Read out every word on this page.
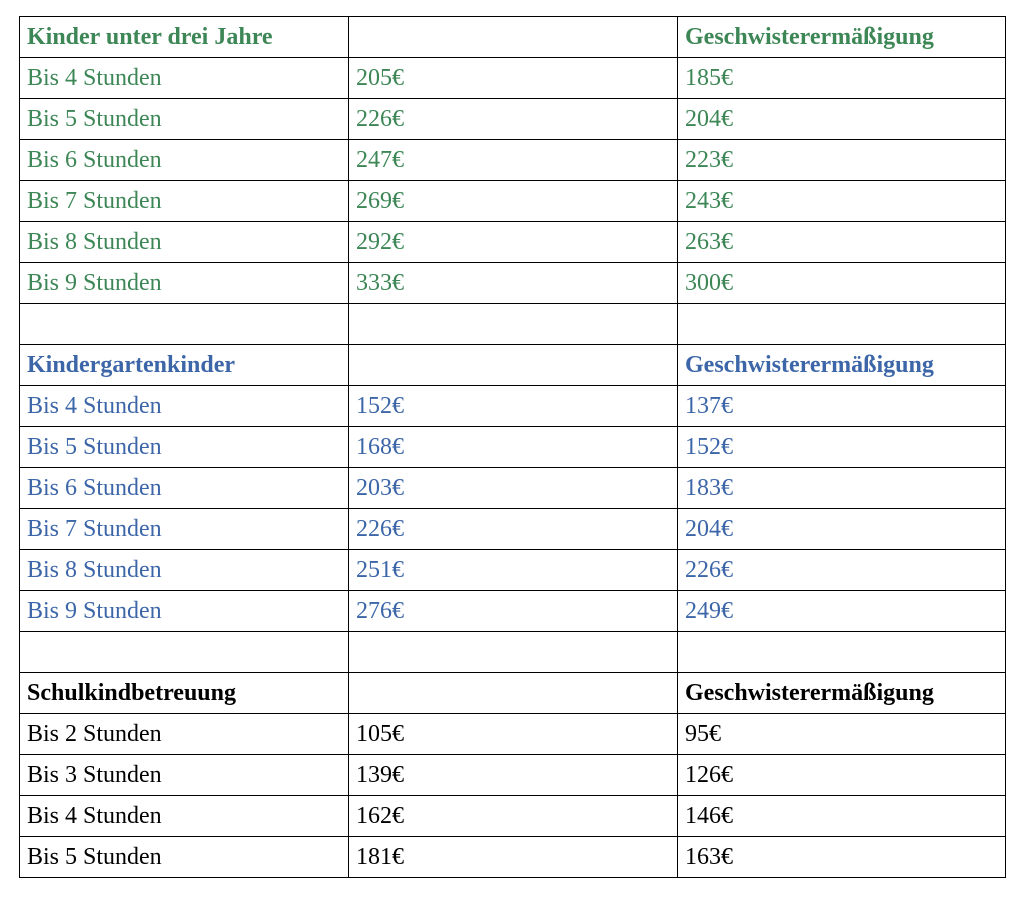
Kinder unter drei Jahre		Geschwisterermäßigung
Bis 4 Stunden	205€	185€
Bis 5 Stunden	226€	204€
Bis 6 Stunden	247€	223€
Bis 7 Stunden	269€	243€
Bis 8 Stunden	292€	263€
Bis 9 Stunden	333€	300€

Kindergartenkinder		Geschwisterermäßigung
Bis 4 Stunden	152€	137€
Bis 5 Stunden	168€	152€
Bis 6 Stunden	203€	183€
Bis 7 Stunden	226€	204€
Bis 8 Stunden	251€	226€
Bis 9 Stunden	276€	249€

Schulkindbetreuung		Geschwisterermäßigung
Bis 2 Stunden	105€	95€
Bis 3 Stunden	139€	126€
Bis 4 Stunden	162€	146€
Bis 5 Stunden	181€	163€
